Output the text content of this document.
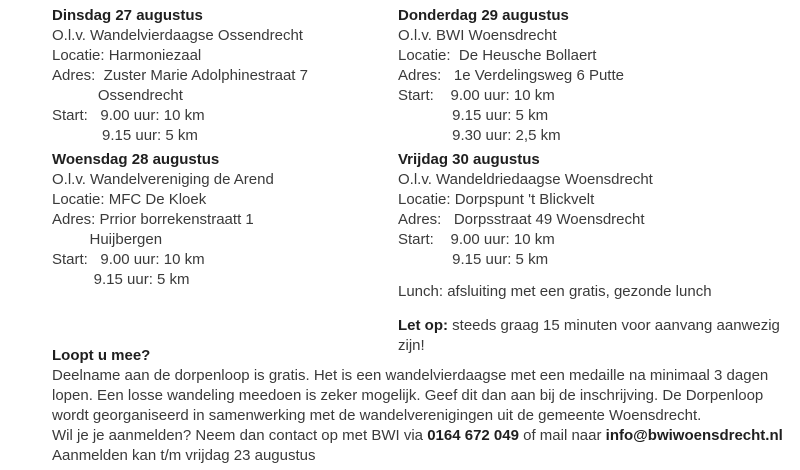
Dinsdag 27 augustus
O.l.v. Wandelvierdaagse Ossendrecht
Locatie: Harmoniezaal
Adres:  Zuster Marie Adolphinestraat 7
Ossendrecht
Start:   9.00 uur: 10 km
9.15 uur: 5 km
Woensdag 28 augustus
O.l.v. Wandelvereniging de Arend
Locatie: MFC De Kloek
Adres: Prrior borrekenstraatt 1
Huijbergen
Start:   9.00 uur: 10 km
9.15 uur: 5 km
Donderdag 29 augustus
O.l.v. BWI Woensdrecht
Locatie:  De Heusche Bollaert
Adres:   1e Verdelingsweg 6 Putte
Start:    9.00 uur: 10 km
9.15 uur: 5 km
9.30 uur: 2,5 km
Vrijdag 30 augustus
O.l.v. Wandeldriedaagse Woensdrecht
Locatie: Dorpspunt 't Blickvelt
Adres:   Dorpsstraat 49 Woensdrecht
Start:    9.00 uur: 10 km
9.15 uur: 5 km
Lunch: afsluiting met een gratis, gezonde lunch
Let op: steeds graag 15 minuten voor aanvang aanwezig
zijn!
Loopt u mee?
Deelname aan de dorpenloop is gratis. Het is een wandelvierdaagse met een medaille na minimaal 3 dagen
lopen. Een losse wandeling meedoen is zeker mogelijk. Geef dit dan aan bij de inschrijving. De Dorpenloop
wordt georganiseerd in samenwerking met de wandelverenigingen uit de gemeente Woensdrecht.
Wil je je aanmelden? Neem dan contact op met BWI via 0164 672 049 of mail naar info@bwiwoensdrecht.nl
Aanmelden kan t/m vrijdag 23 augustus
